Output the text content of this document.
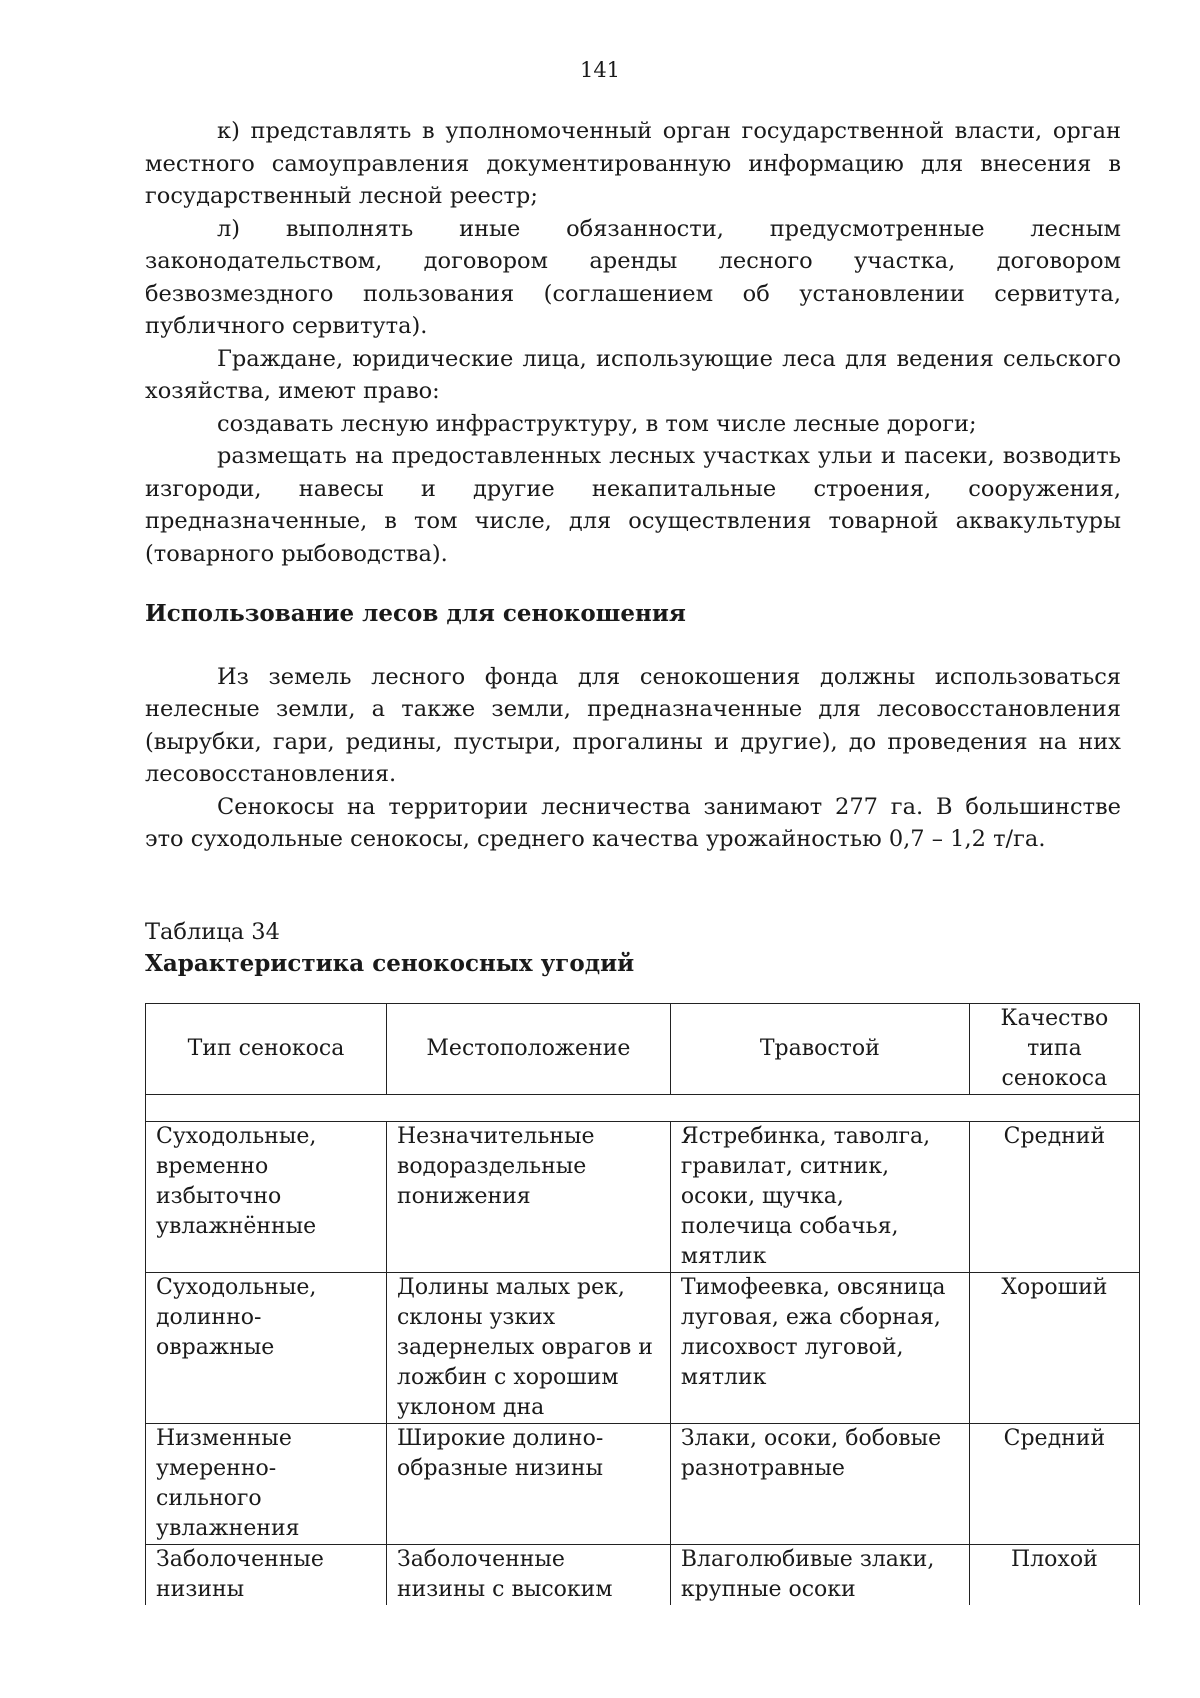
141

к) представлять в уполномоченный орган государственной власти, орган местного самоуправления документированную информацию для внесения в государственный лесной реестр;

л) выполнять иные обязанности, предусмотренные лесным законодательством, договором аренды лесного участка, договором безвозмездного пользования (соглашением об установлении сервитута, публичного сервитута).

Граждане, юридические лица, использующие леса для ведения сельского хозяйства, имеют право:

создавать лесную инфраструктуру, в том числе лесные дороги;

размещать на предоставленных лесных участках ульи и пасеки, возводить изгороди, навесы и другие некапитальные строения, сооружения, предназначенные, в том числе, для осуществления товарной аквакультуры (товарного рыбоводства).

Использование лесов для сенокошения

Из земель лесного фонда для сенокошения должны использоваться нелесные земли, а также земли, предназначенные для лесовосстановления (вырубки, гари, редины, пустыри, прогалины и другие), до проведения на них лесовосстановления.

Сенокосы на территории лесничества занимают 277 га. В большинстве это суходольные сенокосы, среднего качества урожайностью 0,7 – 1,2 т/га.

Таблица 34

Характеристика сенокосных угодий

Тип сенокоса	Местоположение	Травостой	Качество типа сенокоса

Суходольные, временно избыточно увлажнённые	Незначительные водораздельные понижения	Ястребинка, таволга, гравилат, ситник, осоки, щучка, полечица собачья, мятлик	Средний
Суходольные, долинно-овражные	Долины малых рек, склоны узких задернелых оврагов и ложбин с хорошим уклоном дна	Тимофеевка, овсяница луговая, ежа сборная, лисохвост луговой, мятлик	Хороший
Низменные умеренно-сильного увлажнения	Широкие долино-образные низины	Злаки, осоки, бобовые разнотравные	Средний
Заболоченные низины	Заболоченные низины с высоким	Влаголюбивые злаки, крупные осоки	Плохой
